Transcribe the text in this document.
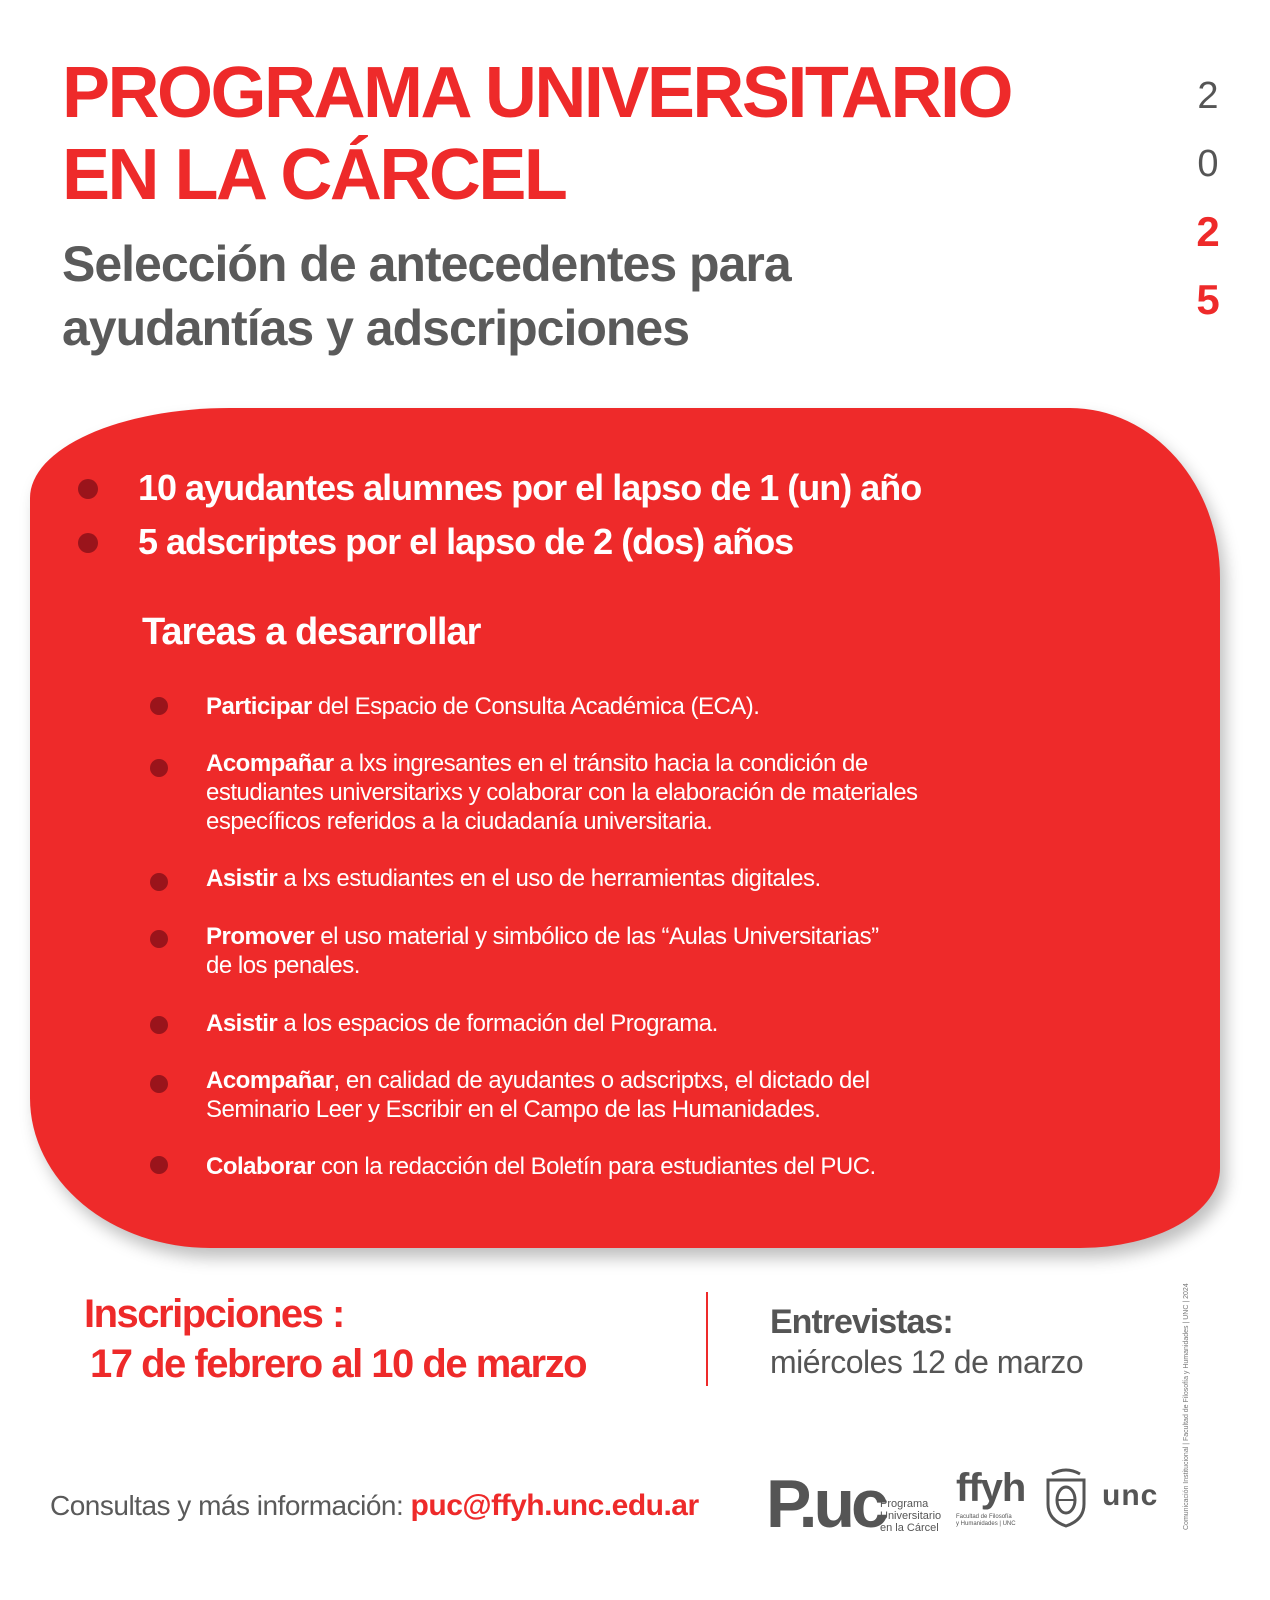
PROGRAMA UNIVERSITARIO
EN LA CÁRCEL
Selección de antecedentes para
ayudantías y adscripciones
2
0
2
5

10 ayudantes alumnes por el lapso de 1 (un) año

5 adscriptes por el lapso de 2 (dos) años

Tareas a desarrollar
Participar del Espacio de Consulta Académica (ECA).
Acompañar a lxs ingresantes en el tránsito hacia la condición de
estudiantes universitarixs y colaborar con la elaboración de materiales
específicos referidos a la ciudadanía universitaria.
Asistir a lxs estudiantes en el uso de herramientas digitales.
Promover el uso material y simbólico de las “Aulas Universitarias”
de los penales.
Asistir a los espacios de formación del Programa.
Acompañar, en calidad de ayudantes o adscriptxs, el dictado del
Seminario Leer y Escribir en el Campo de las Humanidades.
Colaborar con la redacción del Boletín para estudiantes del PUC.

Inscripciones :

17 de febrero al 10 de marzo

Entrevistas:

miércoles 12 de marzo

Consultas y más información: puc@ffyh.unc.edu.ar P.uc
Programa
Universitario
en la Cárcel
ffyh
Facultad de Filosofía
y Humanidades | UNC
unc	Comunicación Institucional | Facultad de Filosofía y Humanidades | UNC | 2024
